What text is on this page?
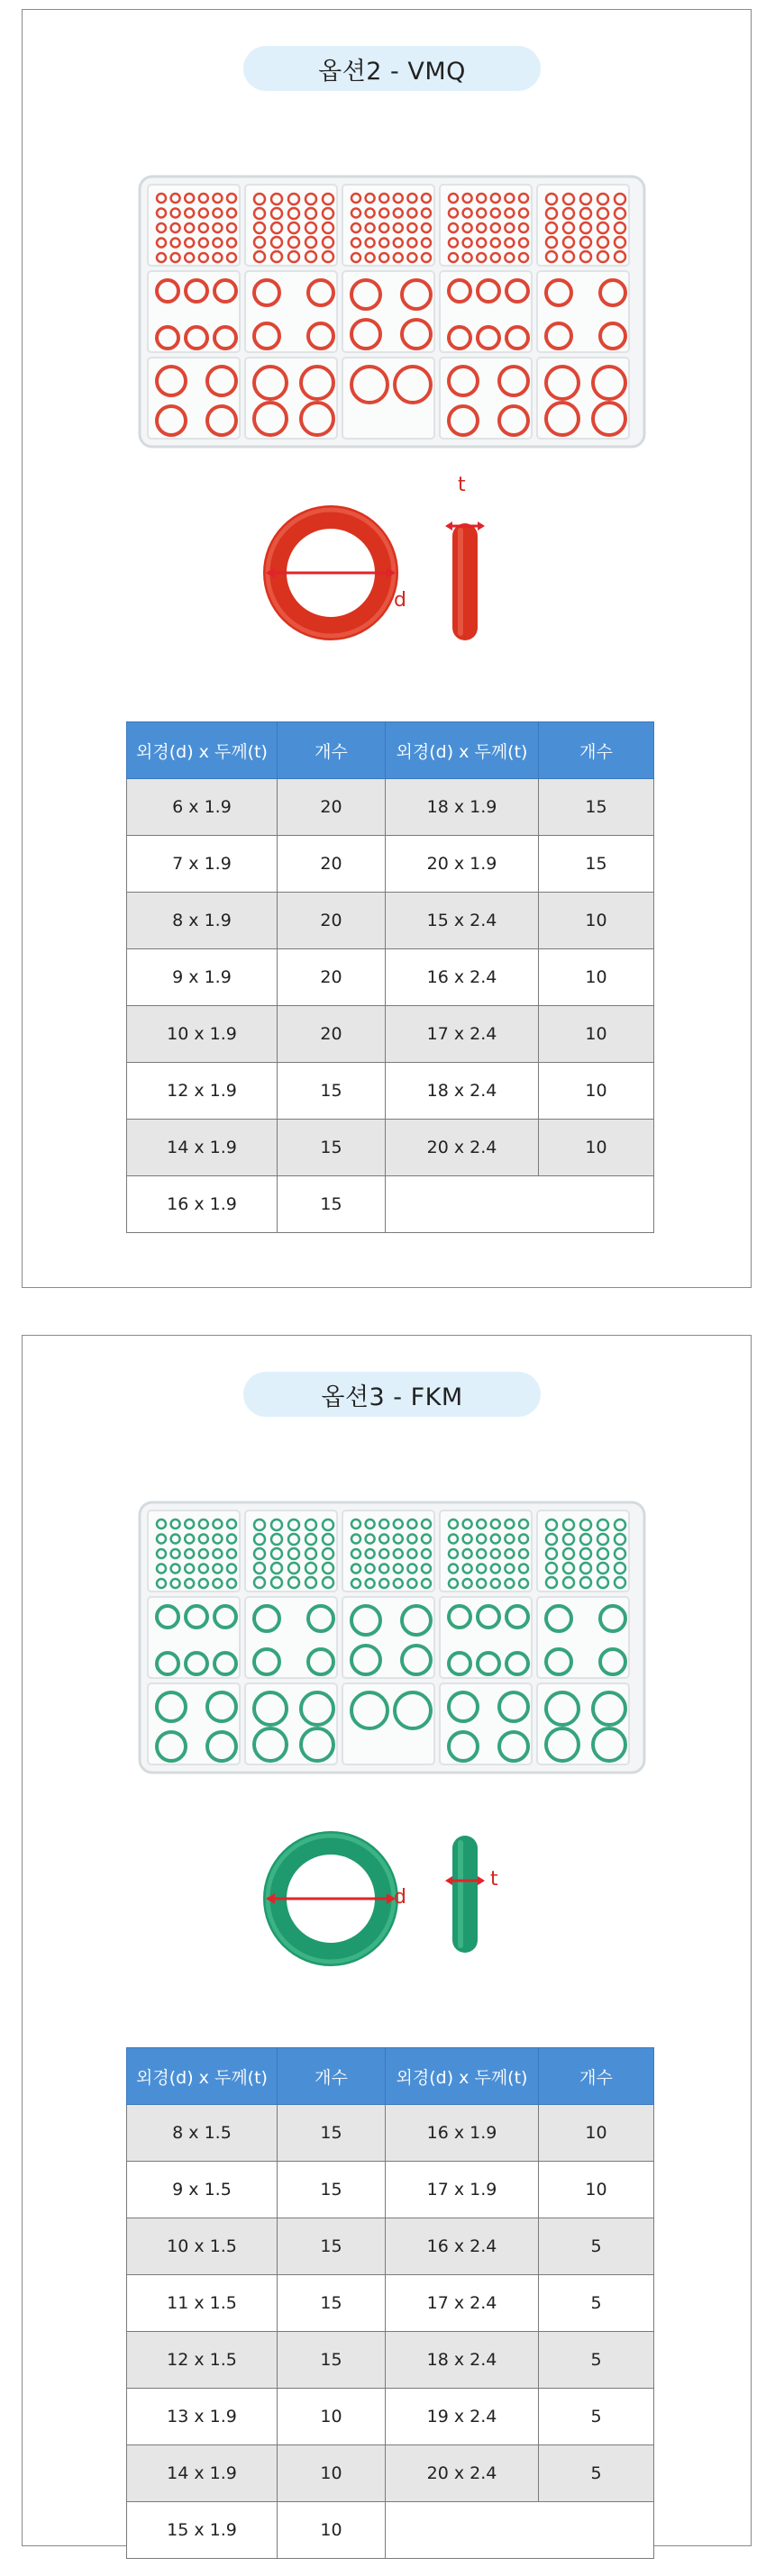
옵션2 - VMQ
d
t
외경(d) x 두께(t)	개수	외경(d) x 두께(t)	개수
6 x 1.9	20	18 x 1.9	15
7 x 1.9	20	20 x 1.9	15
8 x 1.9	20	15 x 2.4	10
9 x 1.9	20	16 x 2.4	10
10 x 1.9	20	17 x 2.4	10
12 x 1.9	15	18 x 2.4	10
14 x 1.9	15	20 x 2.4	10
16 x 1.9	15		
옵션3 - FKM
d
t
외경(d) x 두께(t)	개수	외경(d) x 두께(t)	개수
8 x 1.5	15	16 x 1.9	10
9 x 1.5	15	17 x 1.9	10
10 x 1.5	15	16 x 2.4	5
11 x 1.5	15	17 x 2.4	5
12 x 1.5	15	18 x 2.4	5
13 x 1.9	10	19 x 2.4	5
14 x 1.9	10	20 x 2.4	5
15 x 1.9	10		
